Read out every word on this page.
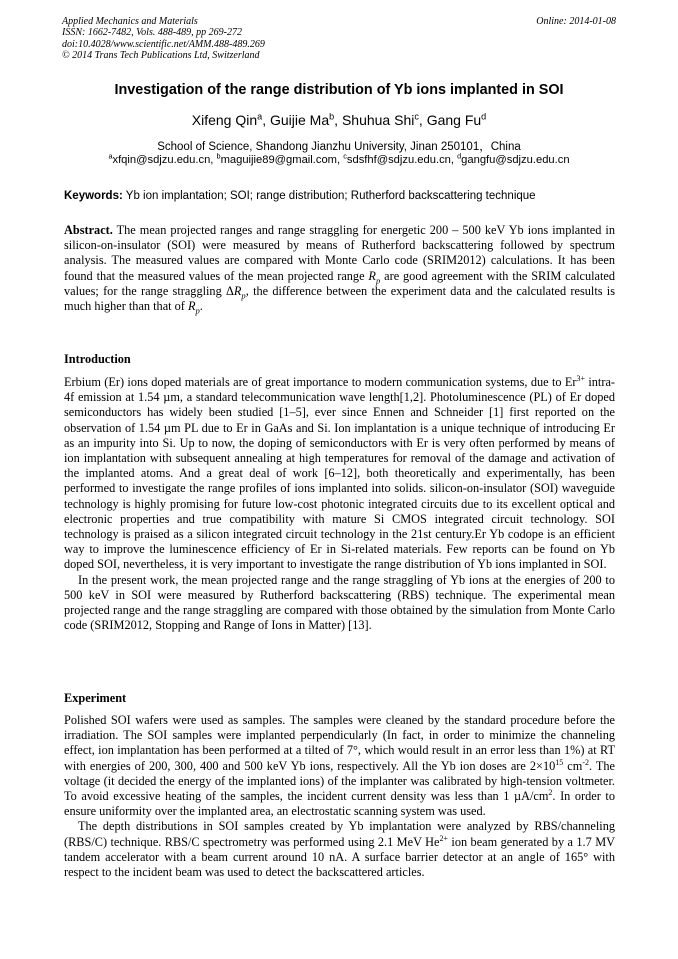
Applied Mechanics and Materials
ISSN: 1662-7482, Vols. 488-489, pp 269-272
doi:10.4028/www.scientific.net/AMM.488-489.269
© 2014 Trans Tech Publications Ltd, Switzerland
Online: 2014-01-08
Investigation of the range distribution of Yb ions implanted in SOI
Xifeng Qin$^a$, Guijie Ma$^b$, Shuhua Shi$^c$, Gang Fu$^d$
School of Science, Shandong Jianzhu University, Jinan 250101，China
$^a$xfqin@sdjzu.edu.cn, $^b$maguijie89@gmail.com, $^c$sdsfhf@sdjzu.edu.cn, $^d$gangfu@sdjzu.edu.cn
Keywords: Yb ion implantation; SOI; range distribution; Rutherford backscattering technique

Abstract. The mean projected ranges and range straggling for energetic 200 – 500 keV Yb ions implanted in silicon-on-insulator (SOI) were measured by means of Rutherford backscattering followed by spectrum analysis. The measured values are compared with Monte Carlo code (SRIM2012) calculations. It has been found that the measured values of the mean projected range $R_p$ are good agreement with the SRIM calculated values; for the range straggling $\Delta R_p$, the difference between the experiment data and the calculated results is much higher than that of $R_p$.

Introduction

Erbium (Er) ions doped materials are of great importance to modern communication systems, due to $Er^{3+}$ intra-4f emission at 1.54 µm, a standard telecommunication wave length[1,2]. Photoluminescence (PL) of Er doped semiconductors has widely been studied [1–5], ever since Ennen and Schneider [1] first reported on the observation of 1.54 µm PL due to Er in GaAs and Si. Ion implantation is a unique technique of introducing Er as an impurity into Si. Up to now, the doping of semiconductors with Er is very often performed by means of ion implantation with subsequent annealing at high temperatures for removal of the damage and activation of the implanted atoms. And a great deal of work [6–12], both theoretically and experimentally, has been performed to investigate the range profiles of ions implanted into solids. silicon-on-insulator (SOI) waveguide technology is highly promising for future low-cost photonic integrated circuits due to its excellent optical and electronic properties and true compatibility with mature Si CMOS integrated circuit technology. SOI technology is praised as a silicon integrated circuit technology in the 21st century.Er Yb codope is an efficient way to improve the luminescence efficiency of Er in Si-related materials. Few reports can be found on Yb doped SOI, nevertheless, it is very important to investigate the range distribution of Yb ions implanted in SOI.

In the present work, the mean projected range and the range straggling of Yb ions at the energies of 200 to 500 keV in SOI were measured by Rutherford backscattering (RBS) technique. The experimental mean projected range and the range straggling are compared with those obtained by the simulation from Monte Carlo code (SRIM2012, Stopping and Range of Ions in Matter) [13].

Experiment

Polished SOI wafers were used as samples. The samples were cleaned by the standard procedure before the irradiation. The SOI samples were implanted perpendicularly (In fact, in order to minimize the channeling effect, ion implantation has been performed at a tilted of 7°, which would result in an error less than 1%) at RT with energies of 200, 300, 400 and 500 keV Yb ions, respectively. All the Yb ion doses are $2\times 10^{15}$ $cm^{-2}$. The voltage (it decided the energy of the implanted ions) of the implanter was calibrated by high-tension voltmeter. To avoid excessive heating of the samples, the incident current density was less than 1 $\mu A/cm^2$. In order to ensure uniformity over the implanted area, an electrostatic scanning system was used.

The depth distributions in SOI samples created by Yb implantation were analyzed by RBS/channeling (RBS/C) technique. RBS/C spectrometry was performed using 2.1 MeV $He^{2+}$ ion beam generated by a 1.7 MV tandem accelerator with a beam current around 10 nA. A surface barrier detector at an angle of 165° with respect to the incident beam was used to detect the backscattered articles.
